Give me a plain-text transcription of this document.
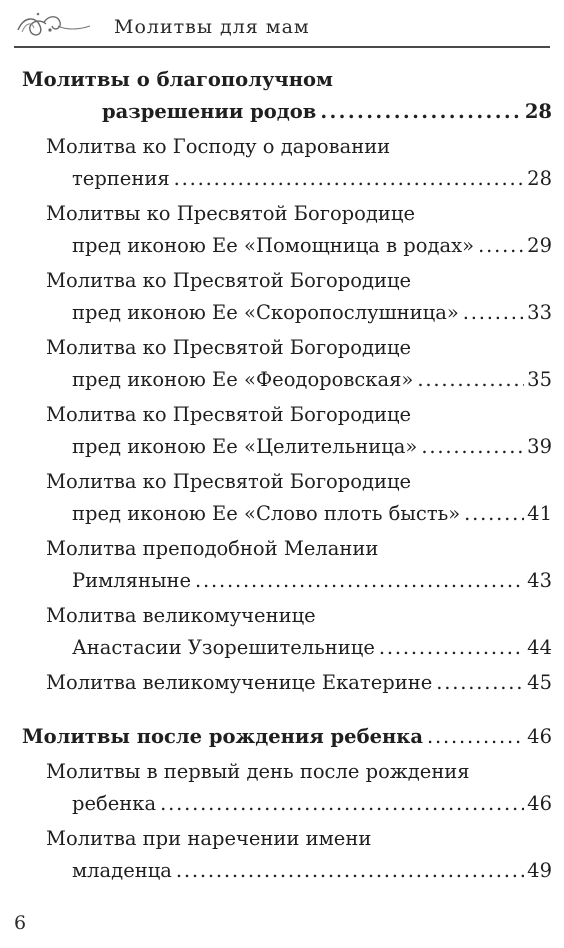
Молитвы для мам
Молитвы о благополучном
разрешении родов . . .	28
Молитва ко Господу о даровании
терпения . . .	28
Молитвы ко Пресвятой Богородице
пред иконою Ее «Помощница в родах» . . .	29
Молитва ко Пресвятой Богородице
пред иконою Ее «Скоропослушница» . . .	33
Молитва ко Пресвятой Богородице
пред иконою Ее «Феодоровская» . . .	35
Молитва ко Пресвятой Богородице
пред иконою Ее «Целительница» . . .	39
Молитва ко Пресвятой Богородице
пред иконою Ее «Слово плоть бысть» . . .	41
Молитва преподобной Мелании
Римляныне . . .	43
Молитва великомученице
Анастасии Узорешительнице . . .	44
Молитва великомученице Екатерине . . .	45
Молитвы после рождения ребенка . . .	46
Молитвы в первый день после рождения
ребенка . . .	46
Молитва при наречении имени
младенца . . .	49
6
